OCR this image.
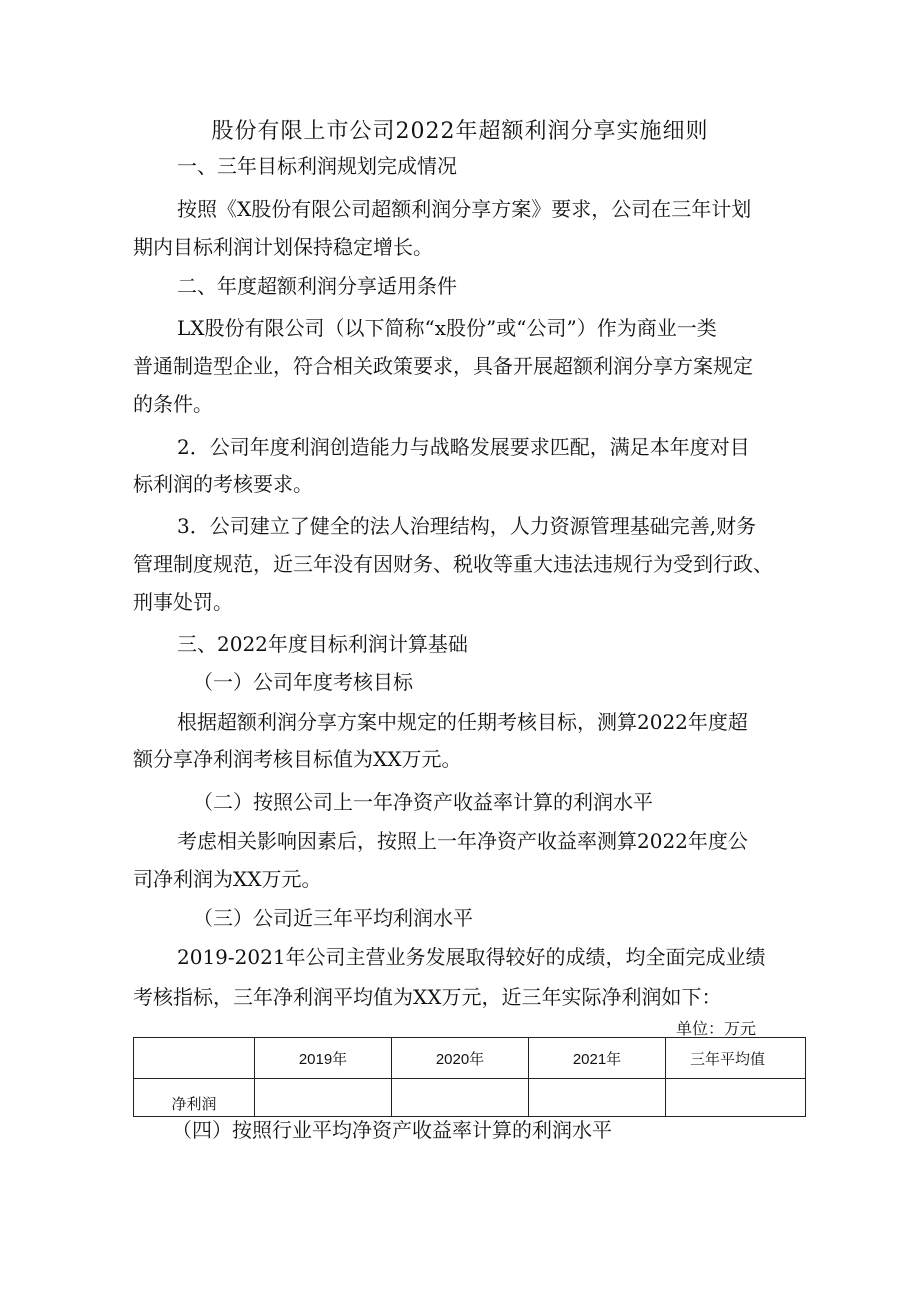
股份有限上市公司2022年超额利润分享实施细则
一、三年目标利润规划完成情况
按照《X股份有限公司超额利润分享方案》要求，公司在三年计划
期内目标利润计划保持稳定增长。
二、年度超额利润分享适用条件
LX股份有限公司（以下简称“x股份”或“公司”）作为商业一类
普通制造型企业，符合相关政策要求，具备开展超额利润分享方案规定
的条件。
2．公司年度利润创造能力与战略发展要求匹配，满足本年度对目
标利润的考核要求。
3．公司建立了健全的法人治理结构，人力资源管理基础完善,财务
管理制度规范，近三年没有因财务、税收等重大违法违规行为受到行政、
刑事处罚。
三、2022年度目标利润计算基础
（一）公司年度考核目标
根据超额利润分享方案中规定的任期考核目标，测算2022年度超
额分享净利润考核目标值为XX万元。
（二）按照公司上一年净资产收益率计算的利润水平
考虑相关影响因素后，按照上一年净资产收益率测算2022年度公
司净利润为XX万元。
（三）公司近三年平均利润水平
2019-2021年公司主营业务发展取得较好的成绩，均全面完成业绩
考核指标，三年净利润平均值为XX万元，近三年实际净利润如下：
单位：万元
	2019年	2020年	2021年	三年平均值
净利润				
（四）按照行业平均净资产收益率计算的利润水平
